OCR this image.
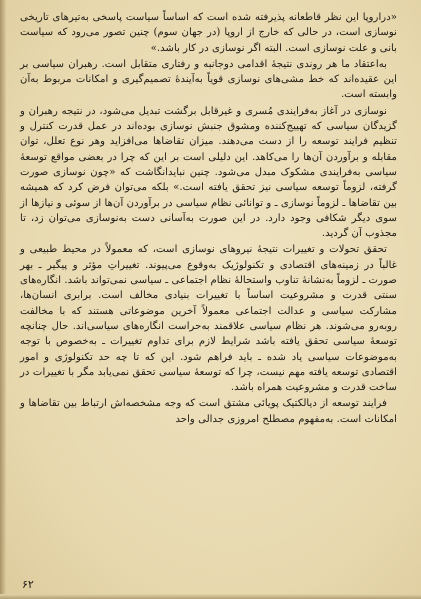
«دراروپا این نظر قاطعانه پذیرفته شده است که اساساً سیاست پاسخی به‌تیرهای تاریخی نوسازی است، در حالی که خارج از اروپا (در جهان سوم) چنین تصور می‌رود که سیاست بانی و علت نوسازی است. البته اگر نوسازی در کار باشد.»

به‌اعتقاد ما هر روندی نتیجهٔ اقدامی دوجانبه و رفتاری متقابل است. رهبران سیاسی بر این عقیده‌اند که خط مشی‌های نوسازی قویاً به‌آیندهٔ تصمیم‌گیری و امکانات مربوط به‌آن وابسته است.

نوسازی در آغاز به‌فرایندی مُسری و غیرقابل برگشت تبدیل می‌شود، در نتیجه رهبران و گزیدگان سیاسی که تهییج‌کننده ومشوق جنبش نوسازی بوده‌اند در عمل قدرت کنترل و تنظیم فرایند توسعه را از دست می‌دهند. میزان تقاضاها می‌افزاید وهر نوع تعلل، توان مقابله و برآوردن آن‌ها را می‌کاهد. این دلیلی است بر این که چرا در بعضی مواقع توسعهٔ سیاسی به‌فرایندی مشکوک مبدل می‌شود. چنین نبایدانگاشت که «چون نوسازی صورت گرفته، لزوماً توسعه سیاسی نیز تحقق یافته است.» بلکه می‌توان فرض کرد که همیشه بین تقاضاها ـ لزوماً نوسازی ـ و توانائی نظام سیاسی در برآوردن آن‌ها از سوئی و نیازها از سوی دیگر شکافی وجود دارد. در این صورت به‌آسانی دست به‌نوسازی می‌توان زد، تا مجذوب آن گردید.

تحقق تحولات و تغییرات نتیجهٔ نیروهای نوسازی است، که معمولاً در محیط طبیعی و غالباً در زمینه‌های اقتصادی و تکنولوژیک به‌وقوع می‌پیوند. تغییراتِ مؤثر و پیگیر ـ بهر صورت ـ لزوماً به‌نشانهٔ تناوب واستحالهٔ نظام اجتماعی ـ سیاسی نمی‌تواند باشد. انگاره‌های سنتی قدرت و مشروعیت اساساً با تغییرات بنیادی مخالف است. برابری انسان‌ها، مشارکت سیاسی و عدالت اجتماعی معمولاً آخرین موضوعاتی هستند که با مخالفت روبه‌رو می‌شوند. هر نظام سیاسی علاقمند به‌حراست انگاره‌های سیاسی‌اند. حال چنانچه توسعهٔ سیاسی تحقق یافته باشد شرایط لازم برای تداوم تغییرات ـ به‌خصوص با توجه به‌موضوعات سیاسی یاد شده ـ باید فراهم شود. این که تا چه حد تکنولوژی و امور اقتصادی توسعه یافته مهم نیست، چرا که توسعهٔ سیاسی تحقق نمی‌یابد مگر با تغییرات در ساخت قدرت و مشروعیت همراه باشد.

فرایند توسعه از دیالکتیک پویائی مشتق است که وجه مشخصه‌اش ارتباط بین تقاضاها و امکانات است. به‌مفهوم مصطلح امروزی جدالی واحد

۶۲
